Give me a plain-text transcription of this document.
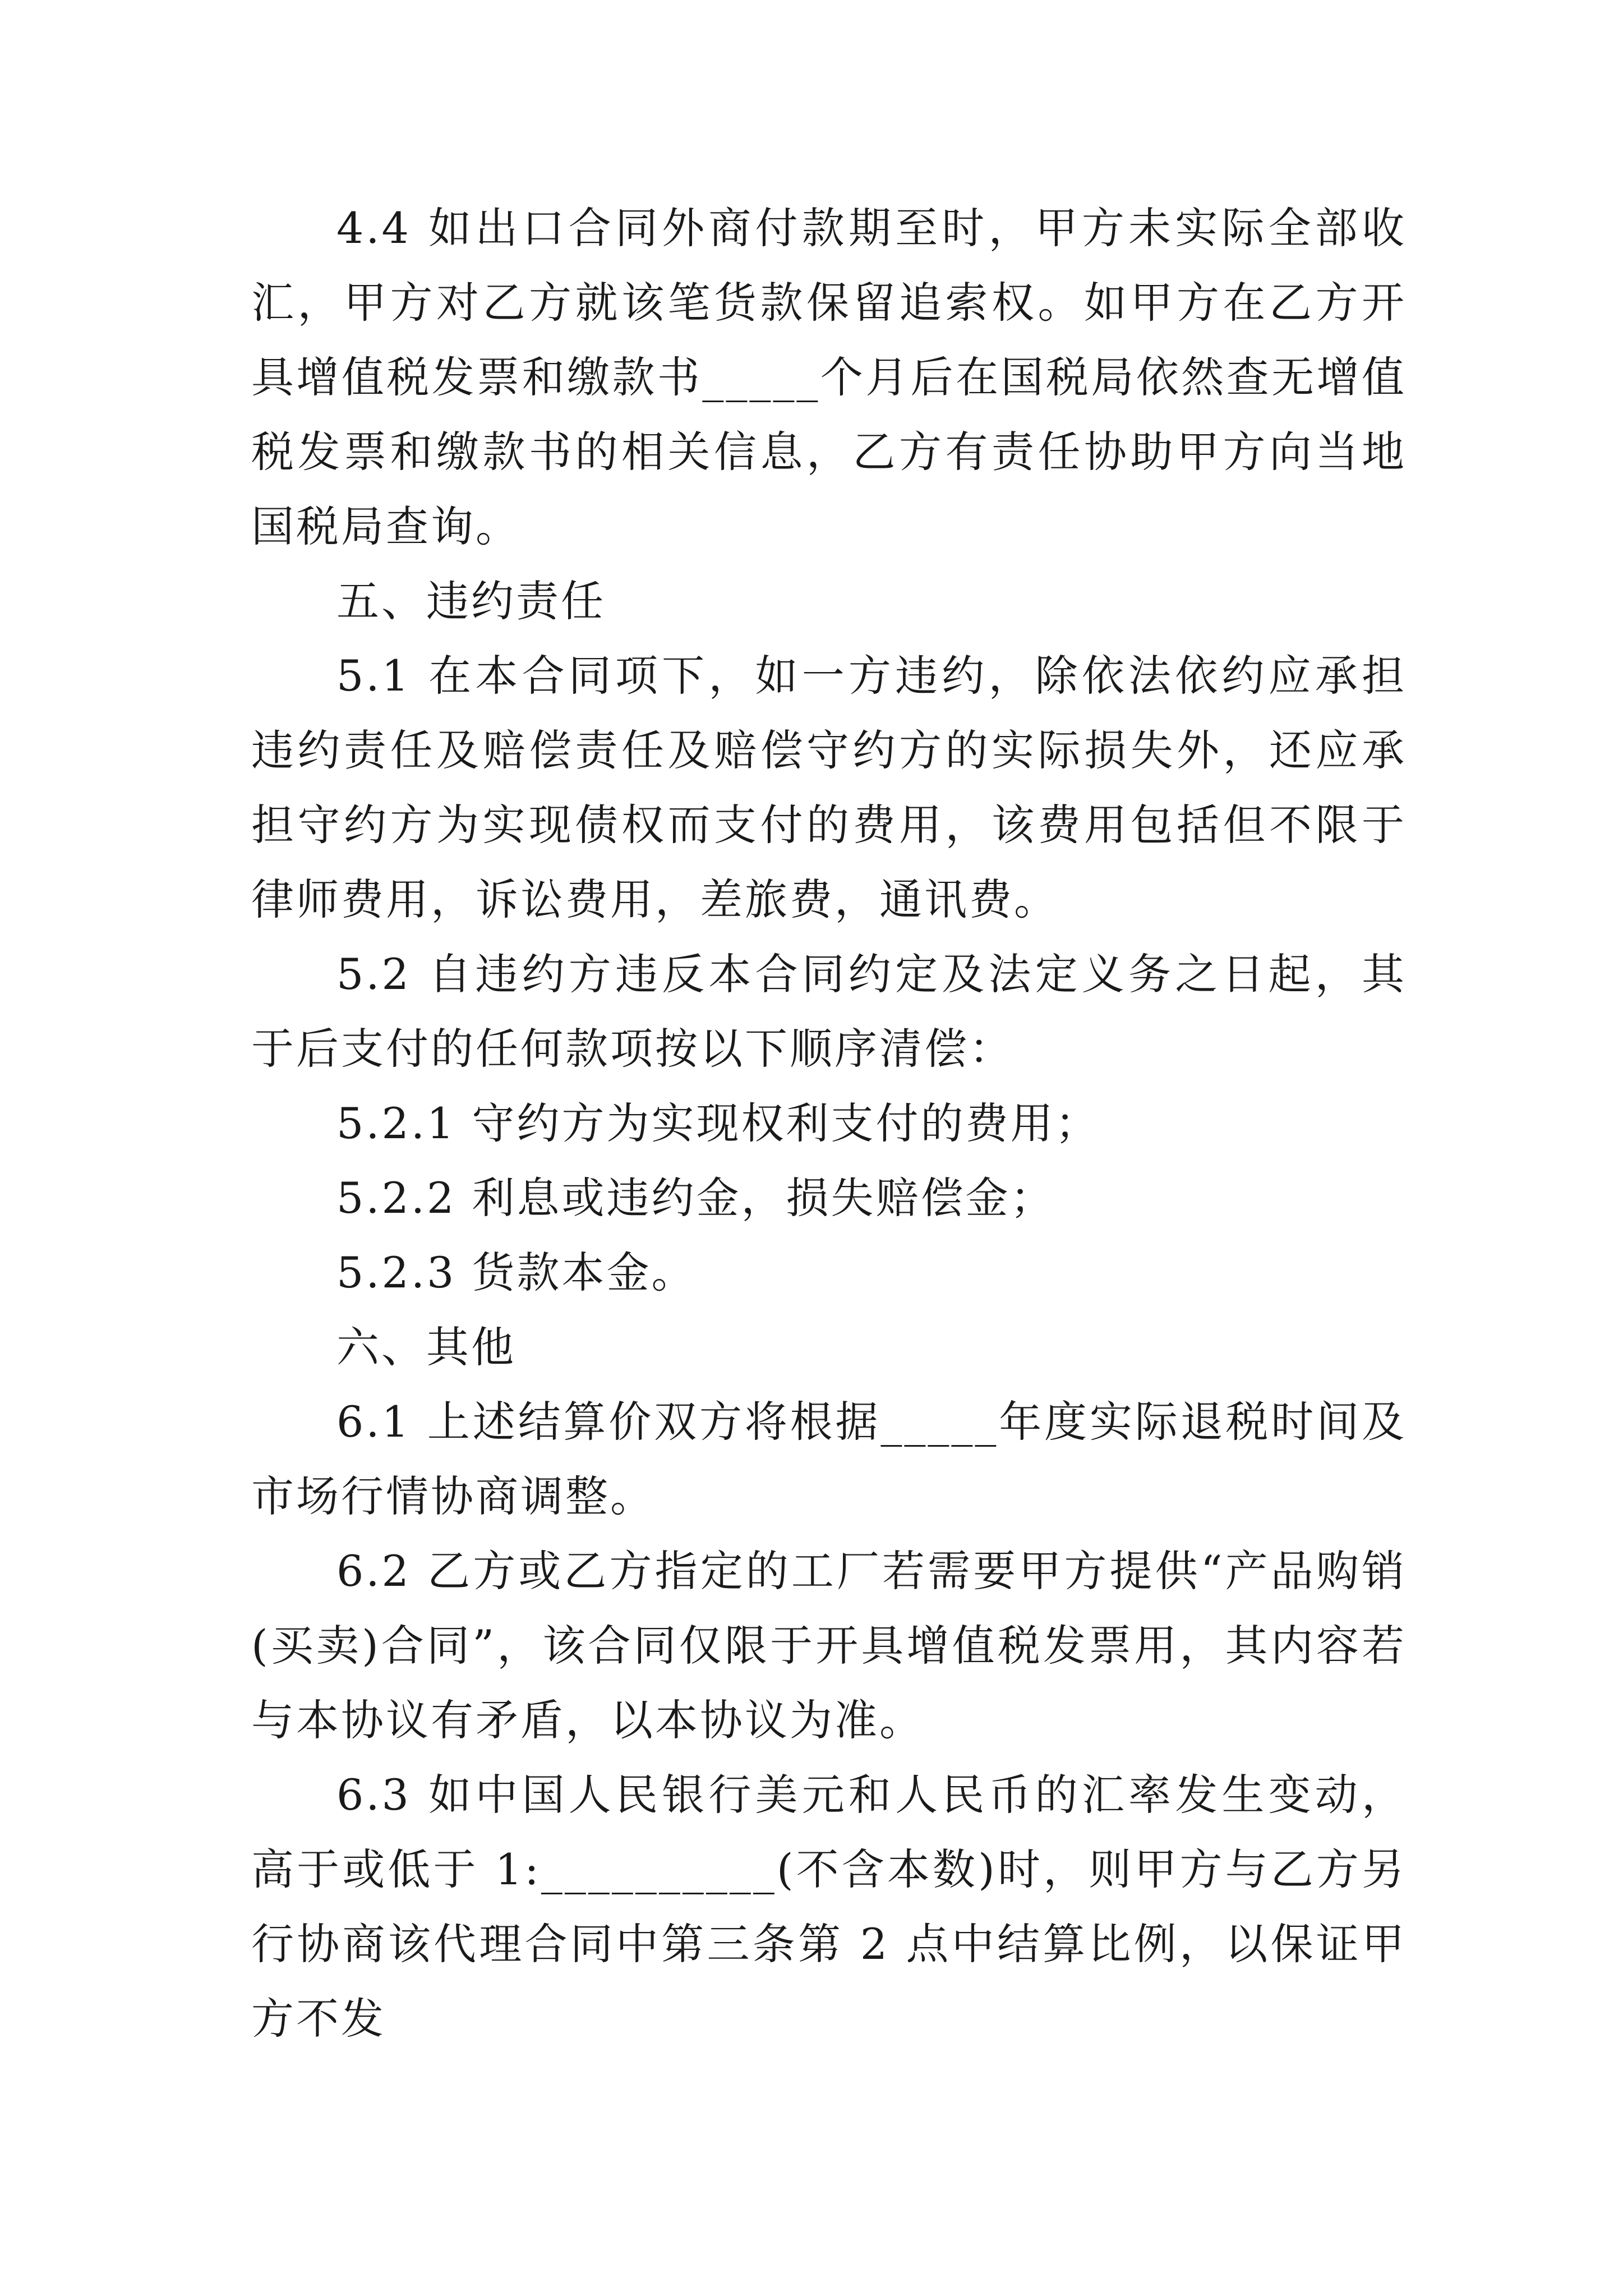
4.4 如出口合同外商付款期至时，甲方未实际全部收汇，甲方对乙方就该笔货款保留追索权。如甲方在乙方开具增值税发票和缴款书_____个月后在国税局依然查无增值税发票和缴款书的相关信息，乙方有责任协助甲方向当地国税局查询。

五、违约责任

5.1 在本合同项下，如一方违约，除依法依约应承担违约责任及赔偿责任及赔偿守约方的实际损失外，还应承担守约方为实现债权而支付的费用，该费用包括但不限于律师费用，诉讼费用，差旅费，通讯费。

5.2 自违约方违反本合同约定及法定义务之日起，其于后支付的任何款项按以下顺序清偿：

5.2.1 守约方为实现权利支付的费用；

5.2.2 利息或违约金，损失赔偿金；

5.2.3 货款本金。

六、其他

6.1 上述结算价双方将根据_____年度实际退税时间及市场行情协商调整。

6.2 乙方或乙方指定的工厂若需要甲方提供“产品购销(买卖)合同”，该合同仅限于开具增值税发票用，其内容若与本协议有矛盾，以本协议为准。

6.3 如中国人民银行美元和人民币的汇率发生变动，高于或低于 1:__________(不含本数)时，则甲方与乙方另行协商该代理合同中第三条第 2 点中结算比例，以保证甲方不发
